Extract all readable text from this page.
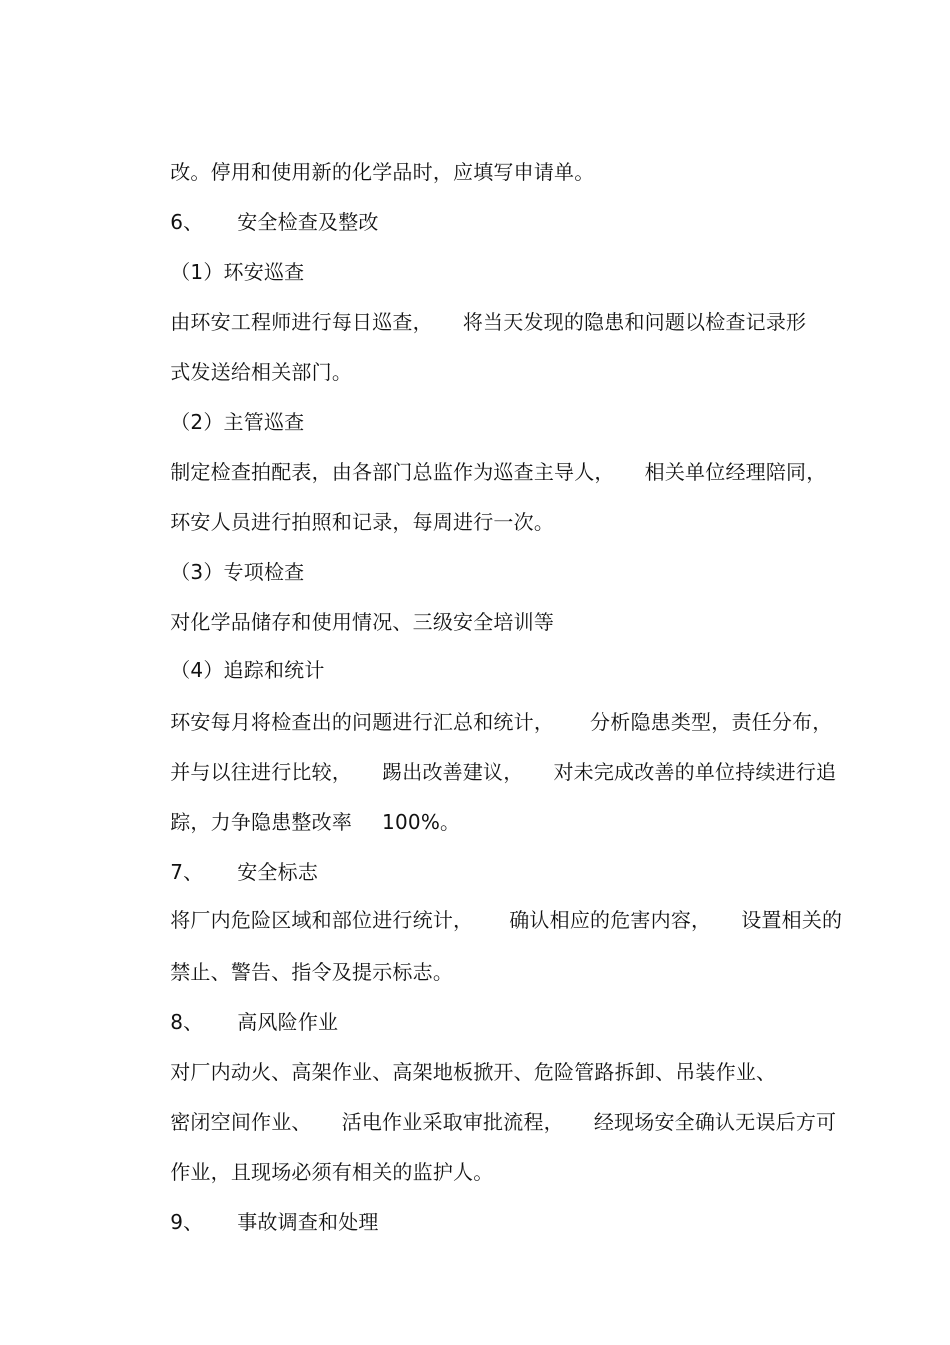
改。停用和使用新的化学品时，应填写申请单。

6、 安全检查及整改

（1）环安巡查

由环安工程师进行每日巡查， 将当天发现的隐患和问题以检查记录形

式发送给相关部门。

（2）主管巡查

制定检查拍配表，由各部门总监作为巡查主导人， 相关单位经理陪同，

环安人员进行拍照和记录，每周进行一次。

（3）专项检查

对化学品储存和使用情况、三级安全培训等

（4）追踪和统计

环安每月将检查出的问题进行汇总和统计， 分析隐患类型，责任分布，

并与以往进行比较， 踢出改善建议， 对未完成改善的单位持续进行追

踪，力争隐患整改率 100%。

7、 安全标志

将厂内危险区域和部位进行统计， 确认相应的危害内容， 设置相关的

禁止、警告、指令及提示标志。

8、 高风险作业

对厂内动火、高架作业、高架地板掀开、危险管路拆卸、吊装作业、

密闭空间作业、 活电作业采取审批流程， 经现场安全确认无误后方可

作业，且现场必须有相关的监护人。

9、 事故调查和处理
